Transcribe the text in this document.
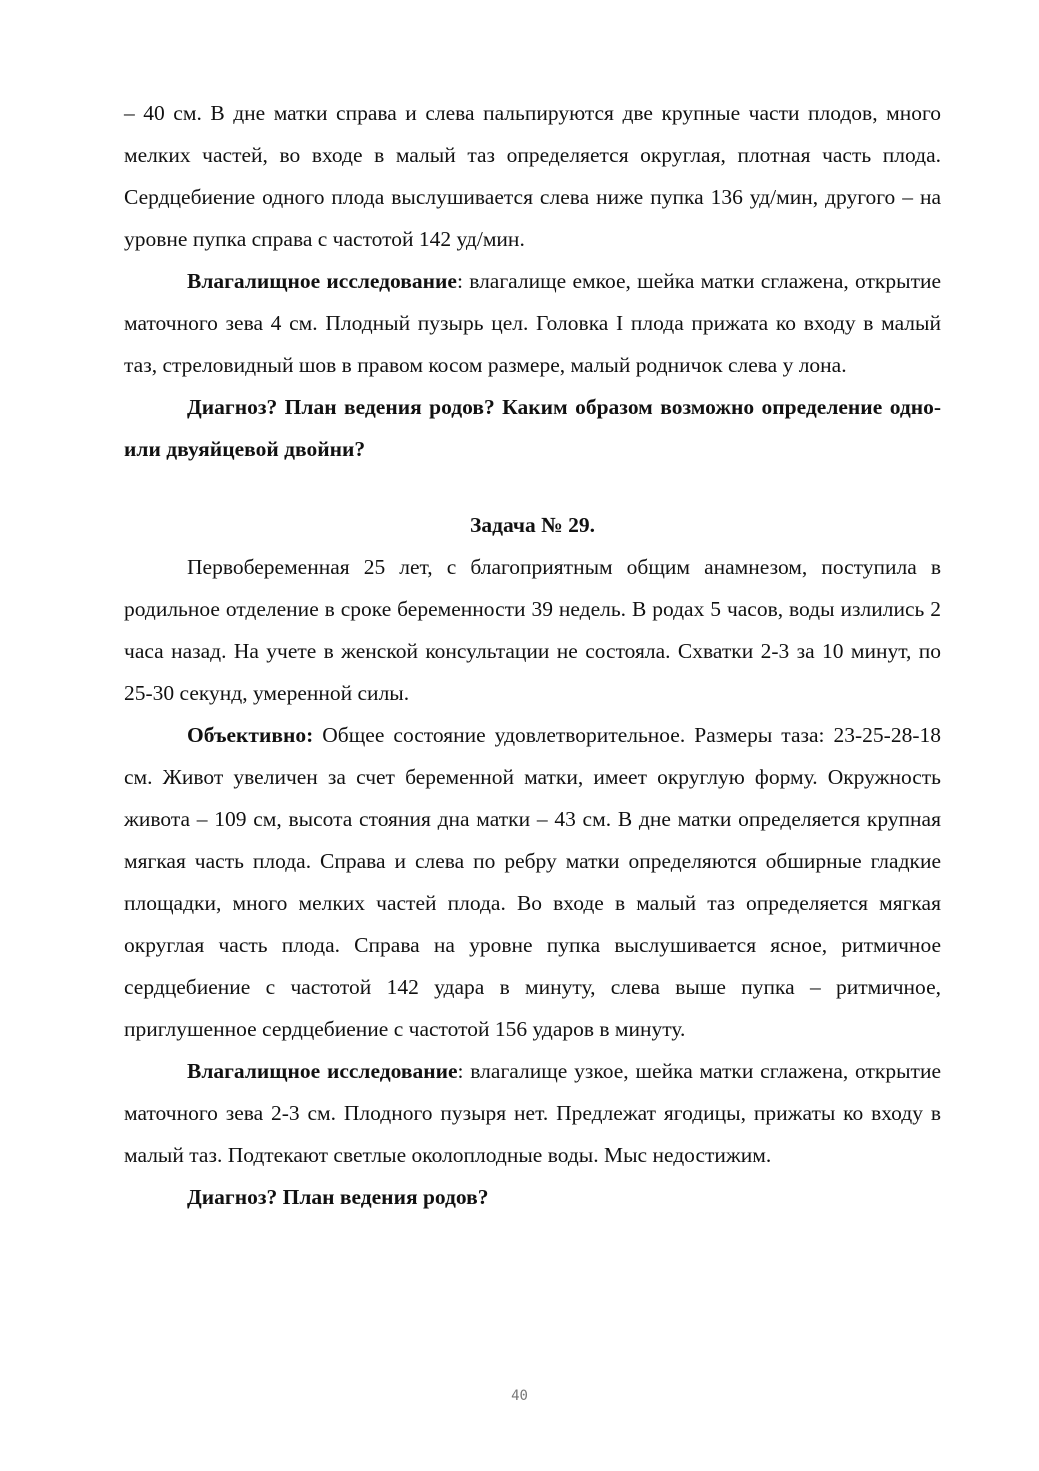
– 40 см. В дне матки справа и слева пальпируются две крупные части плодов, много мелких частей, во входе в малый таз определяется округлая, плотная часть плода. Сердцебиение одного плода выслушивается слева ниже пупка 136 уд/мин, другого – на уровне пупка справа с частотой 142 уд/мин.

Влагалищное исследование: влагалище емкое, шейка матки сглажена, открытие маточного зева 4 см. Плодный пузырь цел. Головка I плода прижата ко входу в малый таз, стреловидный шов в правом косом размере, малый родничок слева у лона.

Диагноз? План ведения родов? Каким образом возможно определение одно- или двуяйцевой двойни?

Задача № 29.

Первобеременная 25 лет, с благоприятным общим анамнезом, поступила в родильное отделение в сроке беременности 39 недель. В родах 5 часов, воды излились 2 часа назад. На учете в женской консультации не состояла. Схватки 2-3 за 10 минут, по 25-30 секунд, умеренной силы.

Объективно: Общее состояние удовлетворительное. Размеры таза: 23-25-28-18 см. Живот увеличен за счет беременной матки, имеет округлую форму. Окружность живота – 109 см, высота стояния дна матки – 43 см. В дне матки определяется крупная мягкая часть плода. Справа и слева по ребру матки определяются обширные гладкие площадки, много мелких частей плода. Во входе в малый таз определяется мягкая округлая часть плода. Справа на уровне пупка выслушивается ясное, ритмичное сердцебиение с частотой 142 удара в минуту, слева выше пупка – ритмичное, приглушенное сердцебиение с частотой 156 ударов в минуту.

Влагалищное исследование: влагалище узкое, шейка матки сглажена, открытие маточного зева 2-3 см. Плодного пузыря нет. Предлежат ягодицы, прижаты ко входу в малый таз. Подтекают светлые околоплодные воды. Мыс недостижим.

Диагноз? План ведения родов?

40
